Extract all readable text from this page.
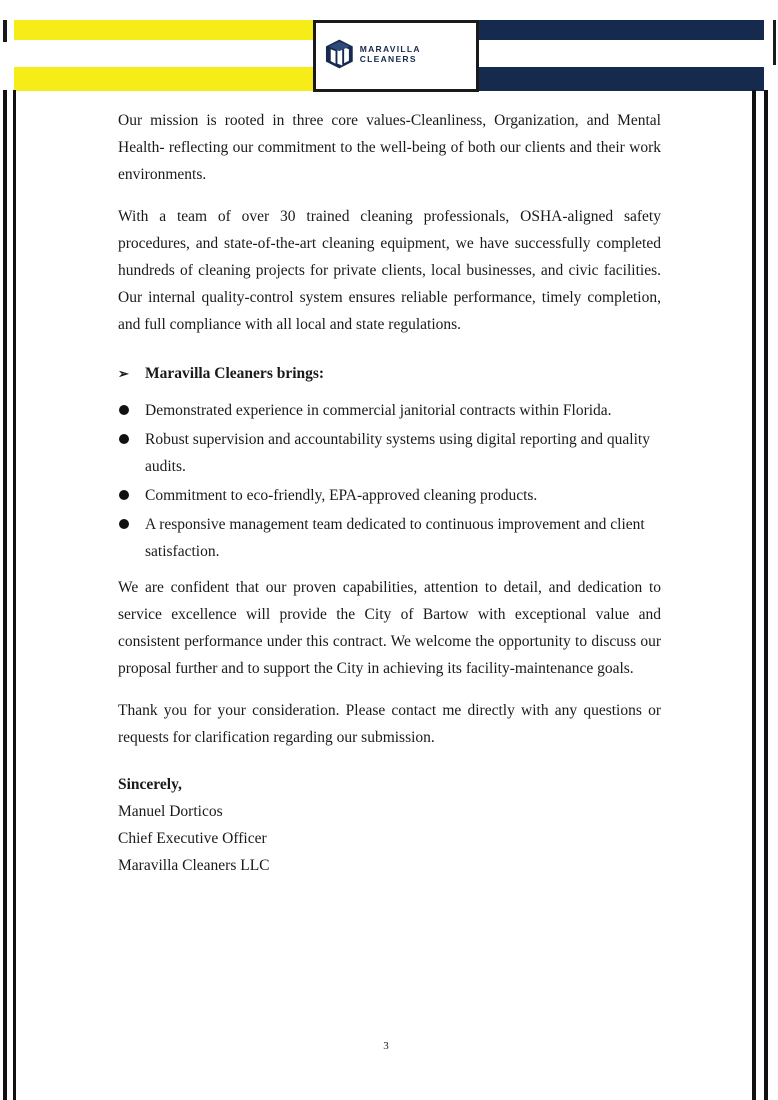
MARAVILLA CLEANERS

Our mission is rooted in three core values-Cleanliness, Organization, and Mental Health- reflecting our commitment to the well-being of both our clients and their work environments.

With a team of over 30 trained cleaning professionals, OSHA-aligned safety procedures, and state-of-the-art cleaning equipment, we have successfully completed hundreds of cleaning projects for private clients, local businesses, and civic facilities. Our internal quality-control system ensures reliable performance, timely completion, and full compliance with all local and state regulations.

➢	Maravilla Cleaners brings:
Demonstrated experience in commercial janitorial contracts within Florida.
Robust supervision and accountability systems using digital reporting and quality audits.
Commitment to eco-friendly, EPA-approved cleaning products.
A responsive management team dedicated to continuous improvement and client satisfaction.

We are confident that our proven capabilities, attention to detail, and dedication to service excellence will provide the City of Bartow with exceptional value and consistent performance under this contract. We welcome the opportunity to discuss our proposal further and to support the City in achieving its facility-maintenance goals.

Thank you for your consideration. Please contact me directly with any questions or requests for clarification regarding our submission.

Sincerely,

Manuel Dorticos

Chief Executive Officer

Maravilla Cleaners LLC

3
